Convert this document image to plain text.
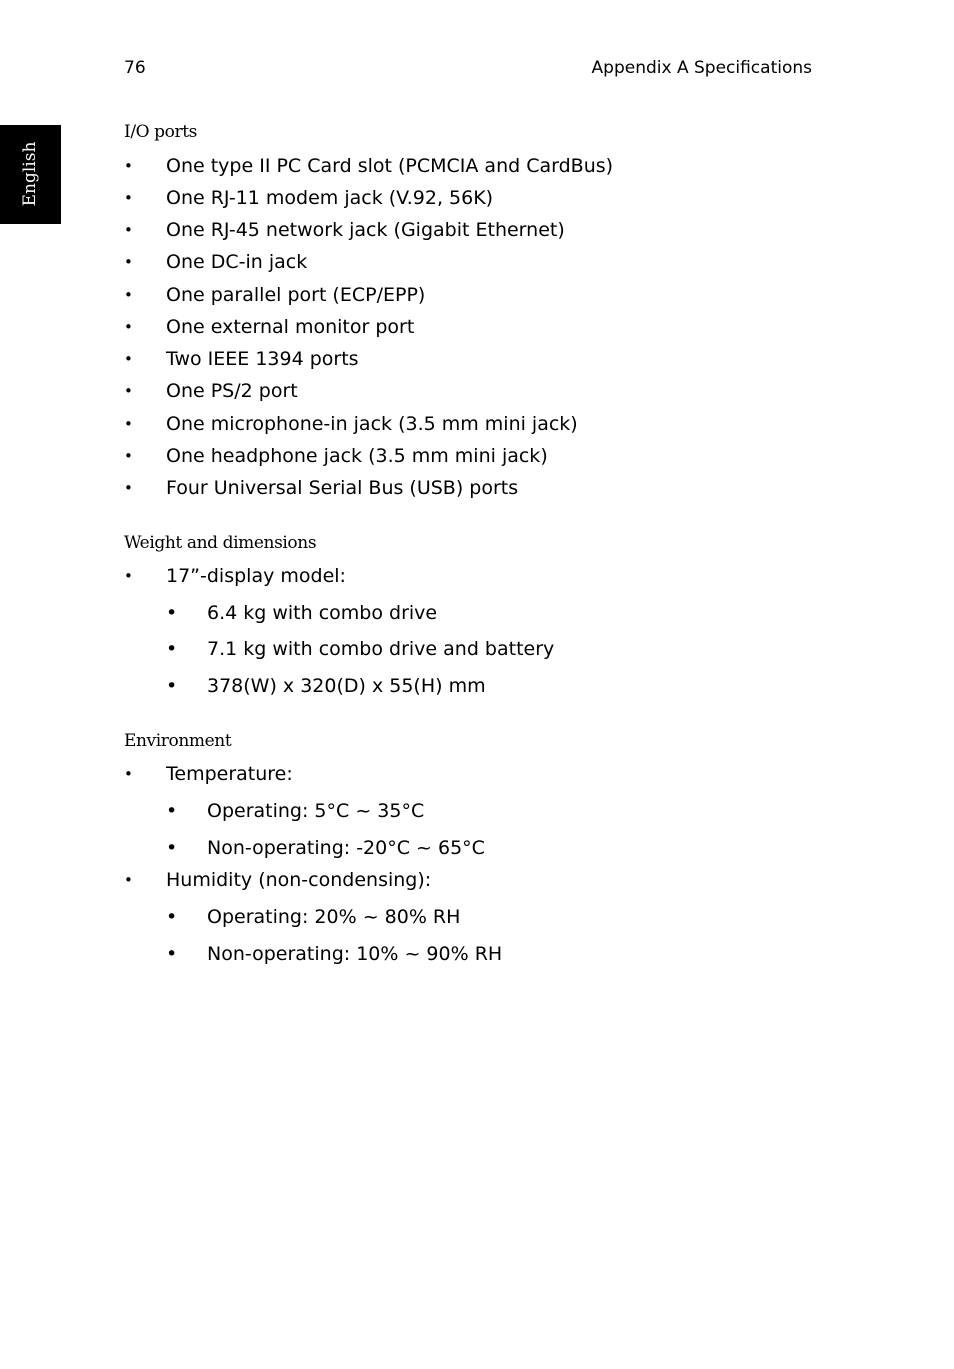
76	Appendix A Specifications
English
I/O ports
• One type II PC Card slot (PCMCIA and CardBus)
• One RJ-11 modem jack (V.92, 56K)
• One RJ-45 network jack (Gigabit Ethernet)
• One DC-in jack
• One parallel port (ECP/EPP)
• One external monitor port
• Two IEEE 1394 ports
• One PS/2 port
• One microphone-in jack (3.5 mm mini jack)
• One headphone jack (3.5 mm mini jack)
• Four Universal Serial Bus (USB) ports
Weight and dimensions
• 17”-display model:
• 6.4 kg with combo drive
• 7.1 kg with combo drive and battery
• 378(W) x 320(D) x 55(H) mm
Environment
• Temperature:
• Operating: 5°C ~ 35°C
• Non-operating: -20°C ~ 65°C
• Humidity (non-condensing):
• Operating: 20% ~ 80% RH
• Non-operating: 10% ~ 90% RH
